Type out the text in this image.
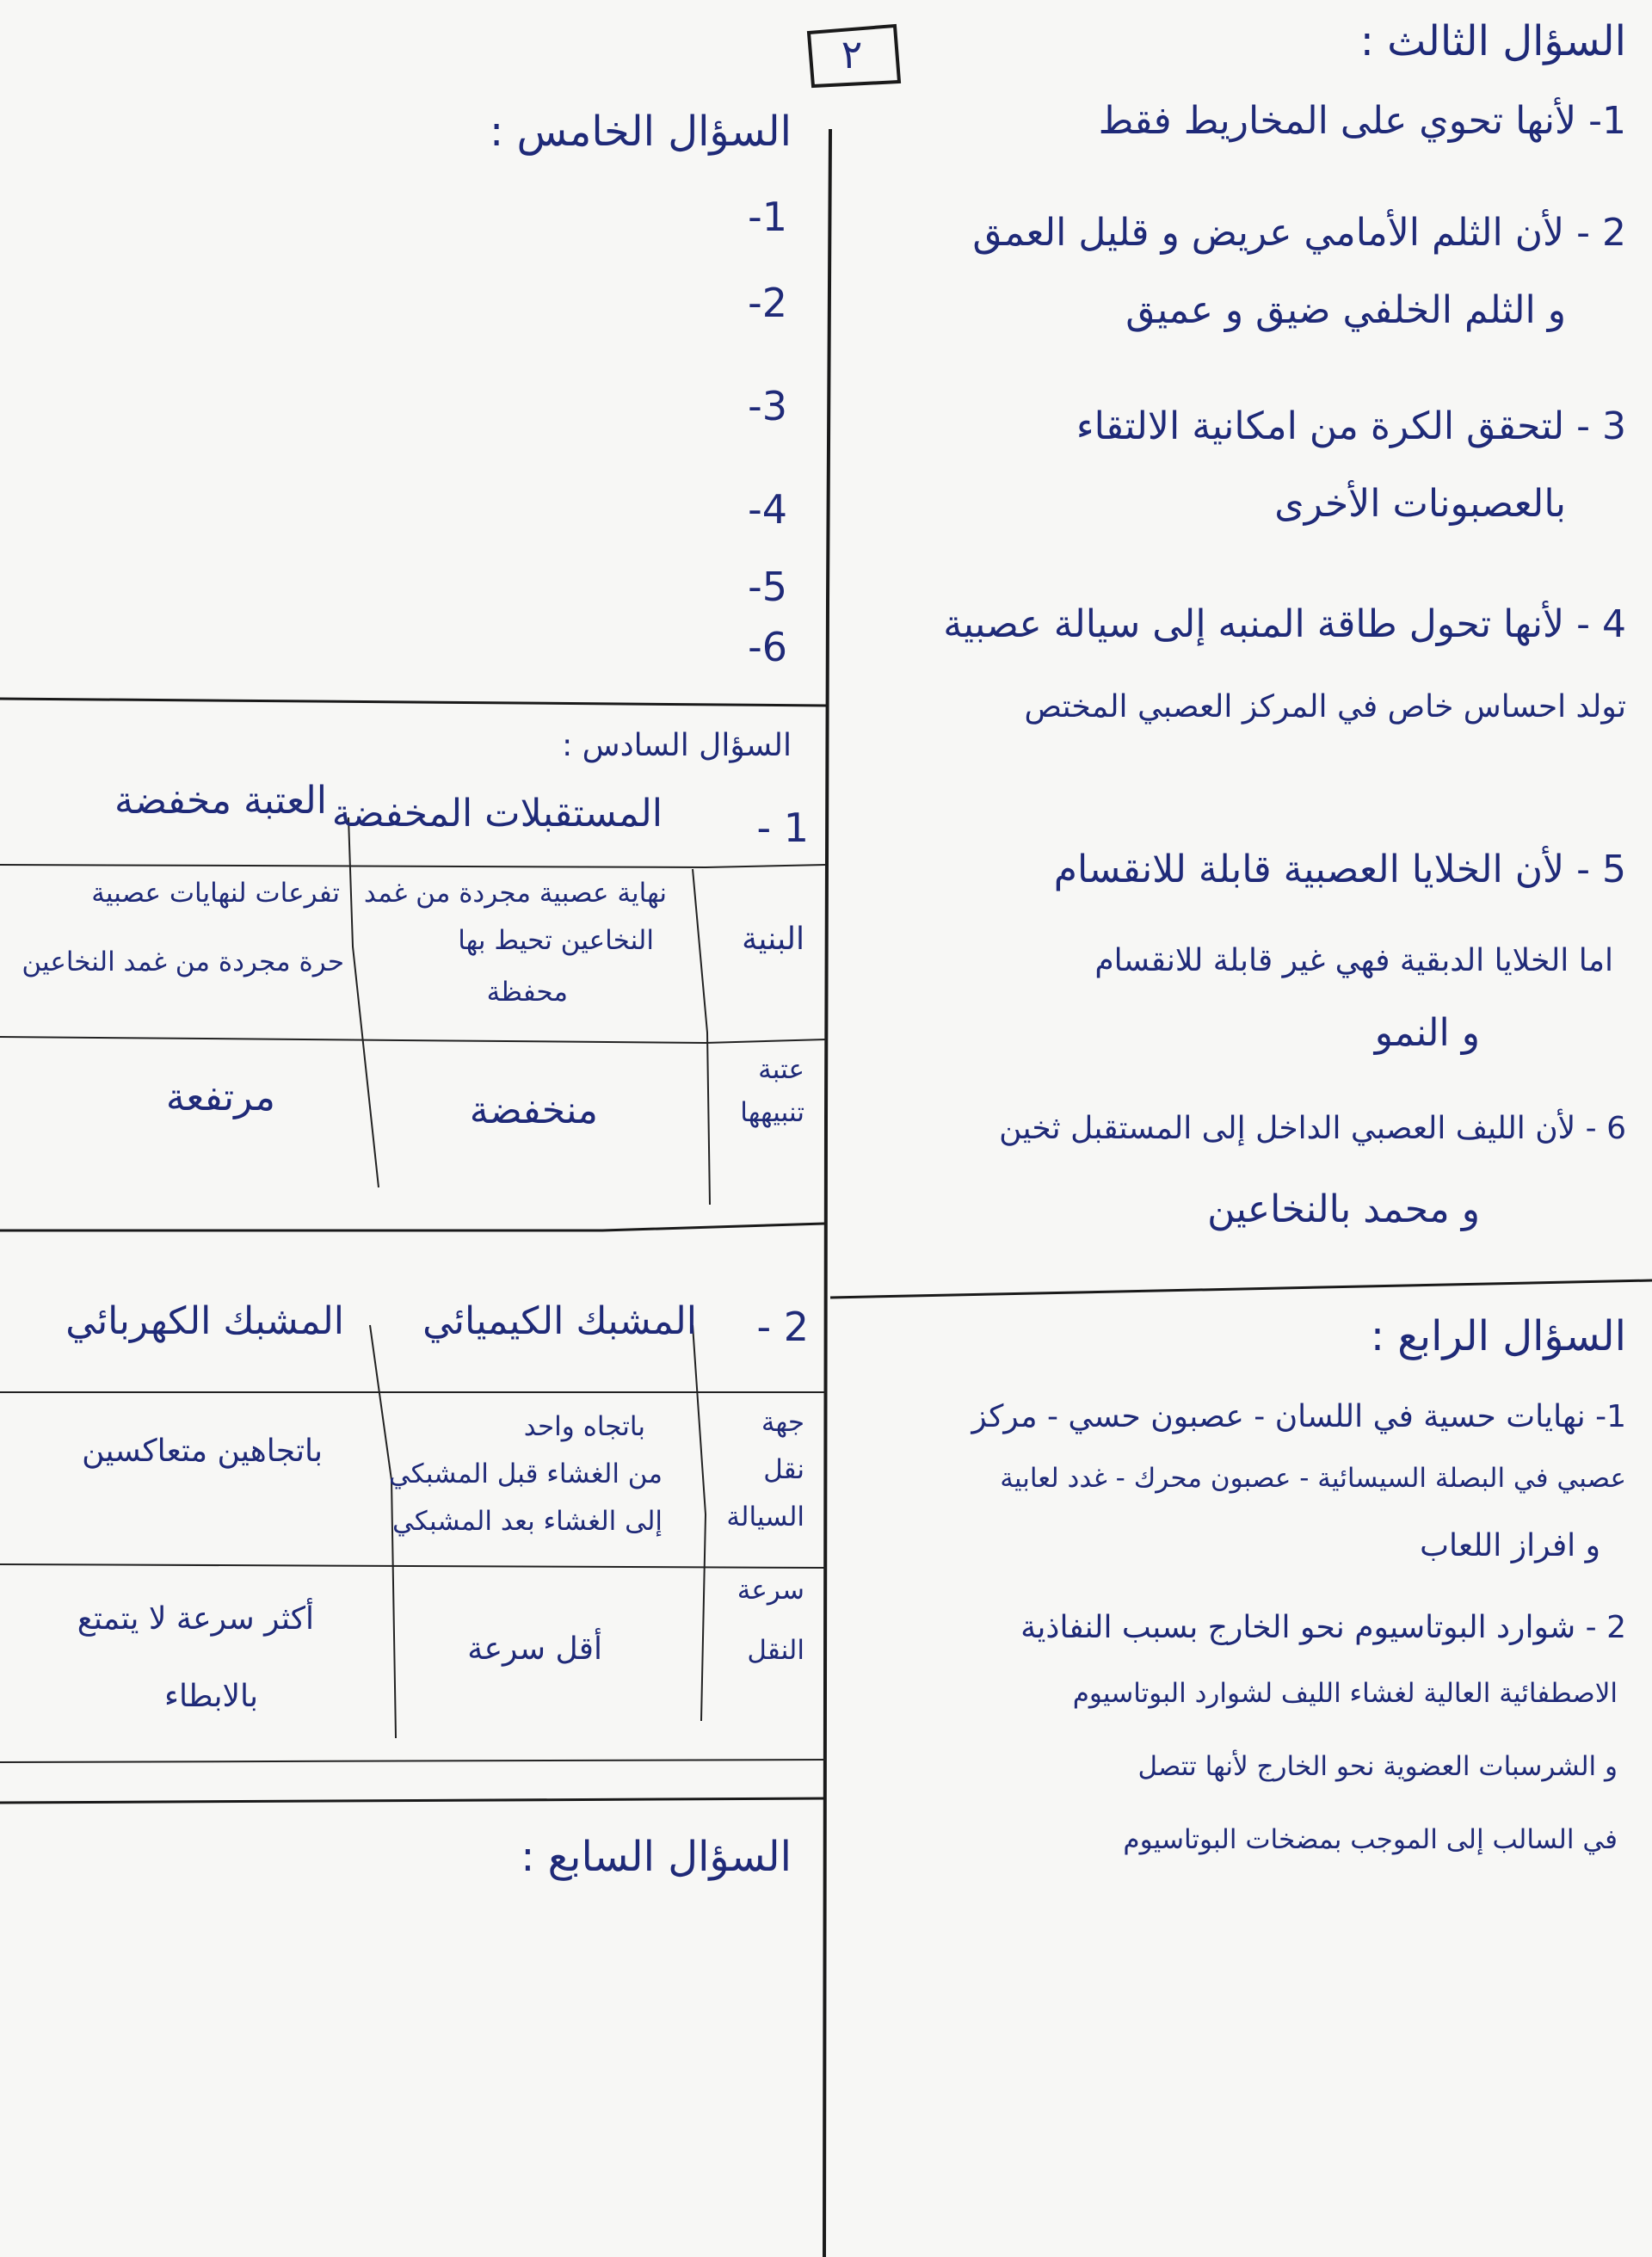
٢	السؤال الثالث :
1- لأنها تحوي على المخاريط فقط
2 - لأن الثلم الأمامي عريض و قليل العمق
و الثلم الخلفي ضيق و عميق
3 - لتحقق الكرة من امكانية الالتقاء
بالعصبونات الأخرى
4 - لأنها تحول طاقة المنبه إلى سيالة عصبية
تولد احساس خاص في المركز العصبي المختص
5 - لأن الخلايا العصبية قابلة للانقسام
اما الخلايا الدبقية فهي غير قابلة للانقسام
و النمو
6 - لأن الليف العصبي الداخل إلى المستقبل ثخين
و محمد بالنخاعين
السؤال الرابع :
1- نهايات حسية في اللسان - عصبون حسي - مركز
عصبي في البصلة السيسائية - عصبون محرك - غدد لعابية
و افراز اللعاب
2 - شوارد البوتاسيوم نحو الخارج بسبب النفاذية
الاصطفائية العالية لغشاء الليف لشوارد البوتاسيوم
و الشرسبات العضوية نحو الخارج لأنها تتصل
في السالب إلى الموجب بمضخات البوتاسيوم
السؤال الخامس :
1-
2-
3-
4-
5-
6-
السؤال السادس :
1 -
المستقبلات المخفضة
العتبة مخفضة
البنية
نهاية عصبية مجردة من غمد
النخاعين تحيط بها
محفظة
تفرعات لنهايات عصبية
حرة مجردة من غمد النخاعين
عتبة
تنبيهها
منخفضة
مرتفعة
2 -
المشبك الكيميائي
المشبك الكهربائي
جهة
نقل
السيالة
باتجاه واحد
من الغشاء قبل المشبكي
إلى الغشاء بعد المشبكي
باتجاهين متعاكسين
سرعة
النقل
أقل سرعة
أكثر سرعة لا يتمتع
بالابطاء
السؤال السابع :
